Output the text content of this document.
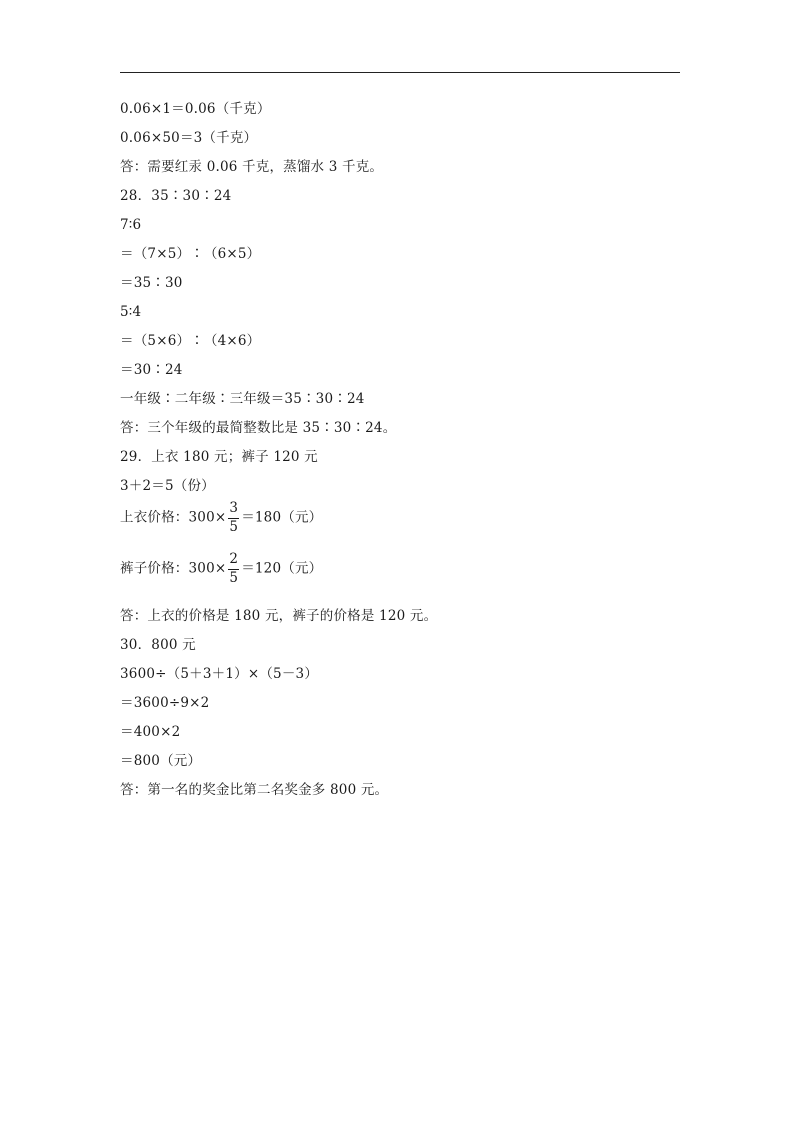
0.06×1＝0.06（千克）
0.06×50＝3（千克）
答：需要红汞 0.06 千克，蒸馏水 3 千克。
28．35∶30∶24
7∶6
＝（7×5）∶（6×5）
＝35∶30
5∶4
＝（5×6）∶（4×6）
＝30∶24
一年级∶二年级∶三年级＝35∶30∶24
答：三个年级的最简整数比是 35∶30∶24。
29．上衣 180 元；裤子 120 元
3＋2＝5（份）
上衣价格：$300\times \frac{3}{5} =180$（元）
裤子价格：$300\times \frac{2}{5} =120$（元）
答：上衣的价格是 180 元，裤子的价格是 120 元。
30．800 元
3600÷（5＋3＋1）×（5－3）
＝3600÷9×2
＝400×2
＝800（元）
答：第一名的奖金比第二名奖金多 800 元。
